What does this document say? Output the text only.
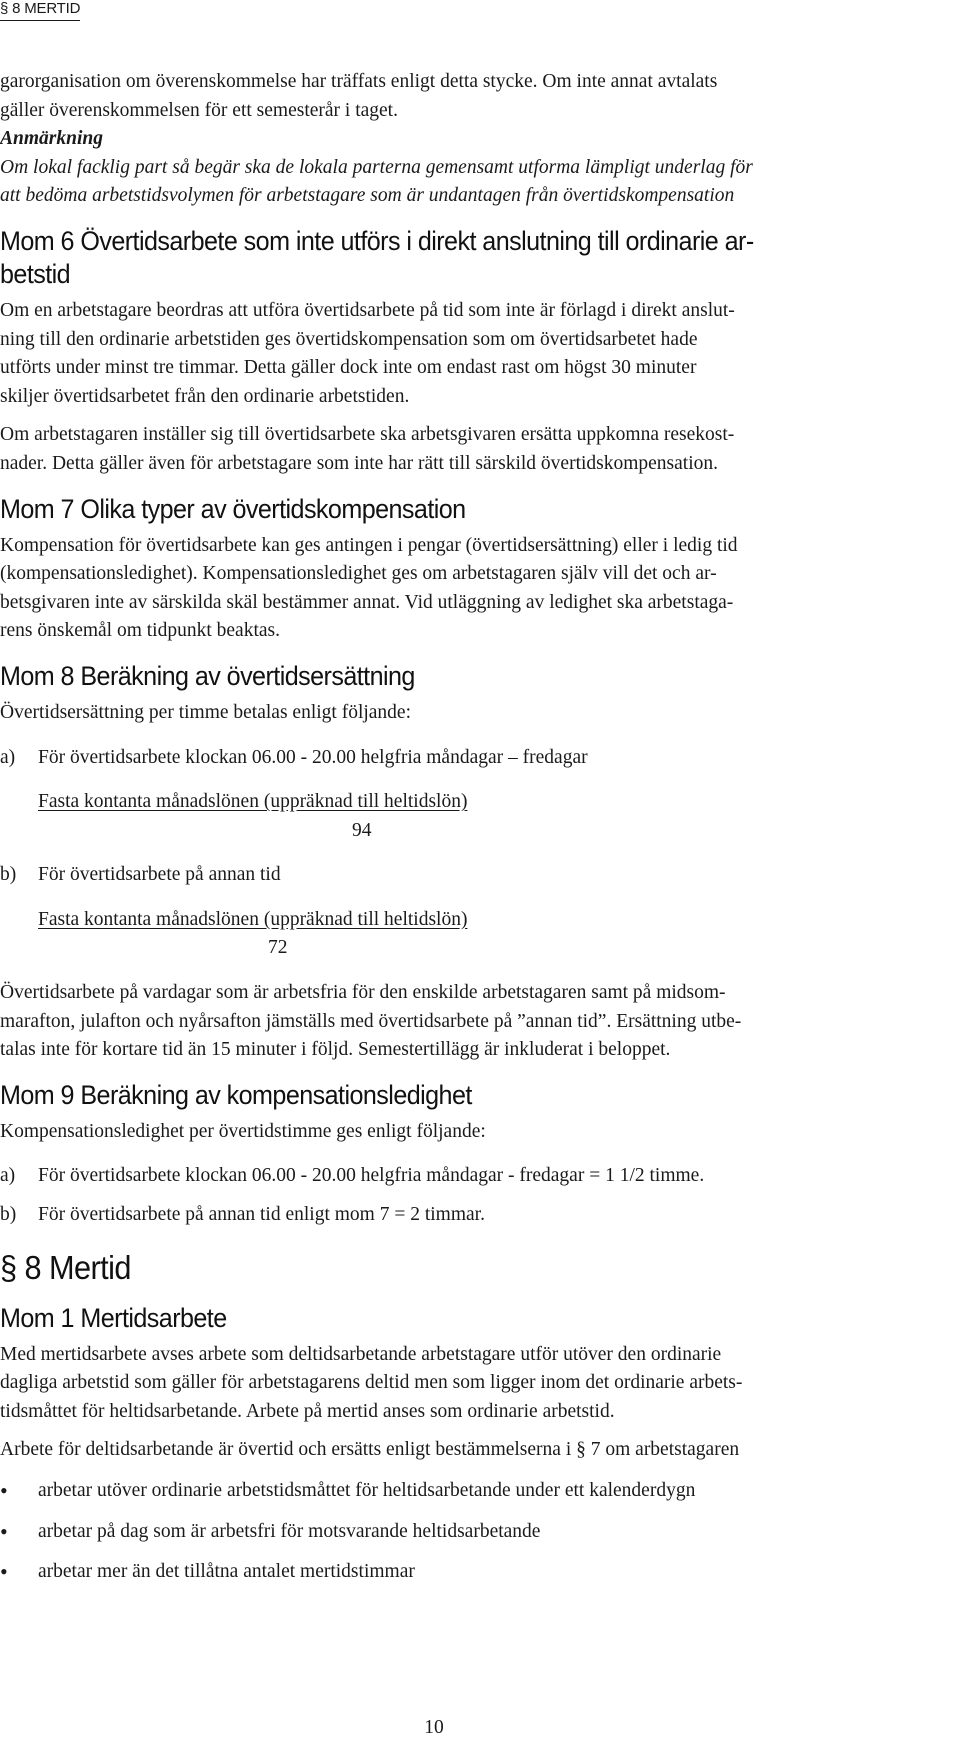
§ 8 MERTID

garorganisation om överenskommelse har träffats enligt detta stycke. Om inte annat avtalats

gäller överenskommelsen för ett semesterår i taget.

Anmärkning

Om lokal facklig part så begär ska de lokala parterna gemensamt utforma lämpligt underlag för

att bedöma arbetstidsvolymen för arbetstagare som är undantagen från övertidskompensation

Mom 6 Övertidsarbete som inte utförs i direkt anslutning till ordinarie ar-
betstid

Om en arbetstagare beordras att utföra övertidsarbete på tid som inte är förlagd i direkt anslut-

ning till den ordinarie arbetstiden ges övertidskompensation som om övertidsarbetet hade

utförts under minst tre timmar. Detta gäller dock inte om endast rast om högst 30 minuter

skiljer övertidsarbetet från den ordinarie arbetstiden.

Om arbetstagaren inställer sig till övertidsarbete ska arbetsgivaren ersätta uppkomna resekost-

nader. Detta gäller även för arbetstagare som inte har rätt till särskild övertidskompensation.

Mom 7 Olika typer av övertidskompensation

Kompensation för övertidsarbete kan ges antingen i pengar (övertidsersättning) eller i ledig tid

(kompensationsledighet). Kompensationsledighet ges om arbetstagaren själv vill det och ar-

betsgivaren inte av särskilda skäl bestämmer annat. Vid utläggning av ledighet ska arbetstaga-

rens önskemål om tidpunkt beaktas.

Mom 8 Beräkning av övertidsersättning

Övertidsersättning per timme betalas enligt följande:

a)	För övertidsarbete klockan 06.00 - 20.00 helgfria måndagar – fredagar
Fasta kontanta månadslönen (uppräknad till heltidslön)
94
b)	För övertidsarbete på annan tid
Fasta kontanta månadslönen (uppräknad till heltidslön)
72

Övertidsarbete på vardagar som är arbetsfria för den enskilde arbetstagaren samt på midsom-

marafton, julafton och nyårsafton jämställs med övertidsarbete på ”annan tid”. Ersättning utbe-

talas inte för kortare tid än 15 minuter i följd. Semestertillägg är inkluderat i beloppet.

Mom 9 Beräkning av kompensationsledighet

Kompensationsledighet per övertidstimme ges enligt följande:

a)	För övertidsarbete klockan 06.00 - 20.00 helgfria måndagar - fredagar = 1 1/2 timme.
b)	För övertidsarbete på annan tid enligt mom 7 = 2 timmar.
§ 8 Mertid
Mom 1 Mertidsarbete

Med mertidsarbete avses arbete som deltidsarbetande arbetstagare utför utöver den ordinarie

dagliga arbetstid som gäller för arbetstagarens deltid men som ligger inom det ordinarie arbets-

tidsmåttet för heltidsarbetande. Arbete på mertid anses som ordinarie arbetstid.

Arbete för deltidsarbetande är övertid och ersätts enligt bestämmelserna i § 7 om arbetstagaren

•	arbetar utöver ordinarie arbetstidsmåttet för heltidsarbetande under ett kalenderdygn
•	arbetar på dag som är arbetsfri för motsvarande heltidsarbetande
•	arbetar mer än det tillåtna antalet mertidstimmar
10
